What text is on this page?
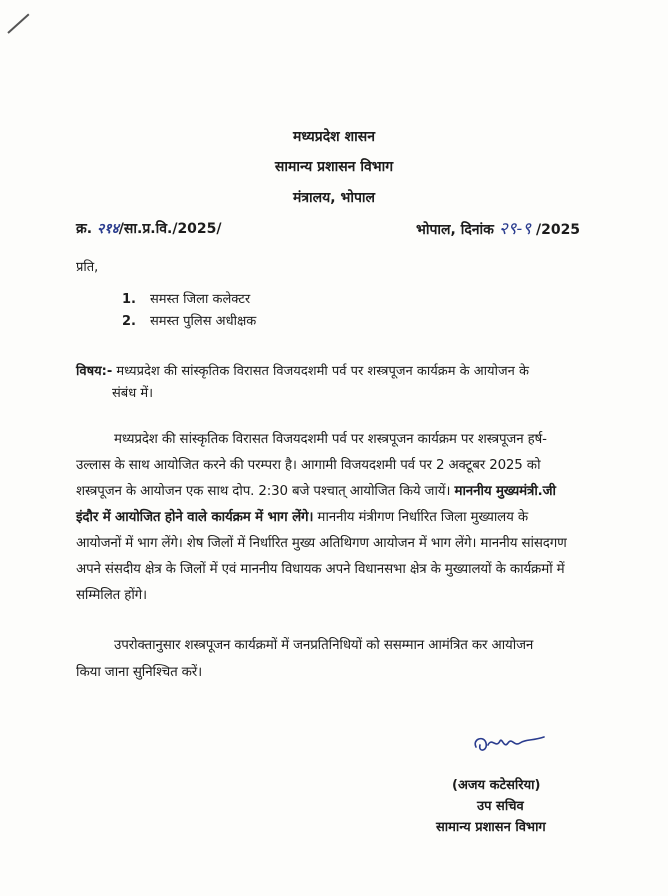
मध्यप्रदेश शासन
सामान्य प्रशासन विभाग
मंत्रालय, भोपाल
क्र. २१४/सा.प्र.वि./2025/	भोपाल, दिनांक २९-९ /2025
प्रति,
1. समस्त जिला कलेक्टर
2. समस्त पुलिस अधीक्षक
विषय:- मध्यप्रदेश की सांस्कृतिक विरासत विजयदशमी पर्व पर शस्त्रपूजन कार्यक्रम के आयोजन के
संबंध में।
मध्यप्रदेश की सांस्कृतिक विरासत विजयदशमी पर्व पर शस्त्रपूजन कार्यक्रम पर शस्त्रपूजन हर्ष-
उल्लास के साथ आयोजित करने की परम्परा है। आगामी विजयदशमी पर्व पर 2 अक्टूबर 2025 को
शस्त्रपूजन के आयोजन एक साथ दोप. 2:30 बजे पश्चात् आयोजित किये जायें। माननीय मुख्यमंत्री.जी
इंदौर में आयोजित होने वाले कार्यक्रम में भाग लेंगे। माननीय मंत्रीगण निर्धारित जिला मुख्यालय के
आयोजनों में भाग लेंगे। शेष जिलों में निर्धारित मुख्य अतिथिगण आयोजन में भाग लेंगे। माननीय सांसदगण
अपने संसदीय क्षेत्र के जिलों में एवं माननीय विधायक अपने विधानसभा क्षेत्र के मुख्यालयों के कार्यक्रमों में
सम्मिलित होंगे।
उपरोक्तानुसार शस्त्रपूजन कार्यक्रमों में जनप्रतिनिधियों को ससम्मान आमंत्रित कर आयोजन
किया जाना सुनिश्चित करें।
(अजय कटेसरिया)
उप सचिव
सामान्य प्रशासन विभाग
